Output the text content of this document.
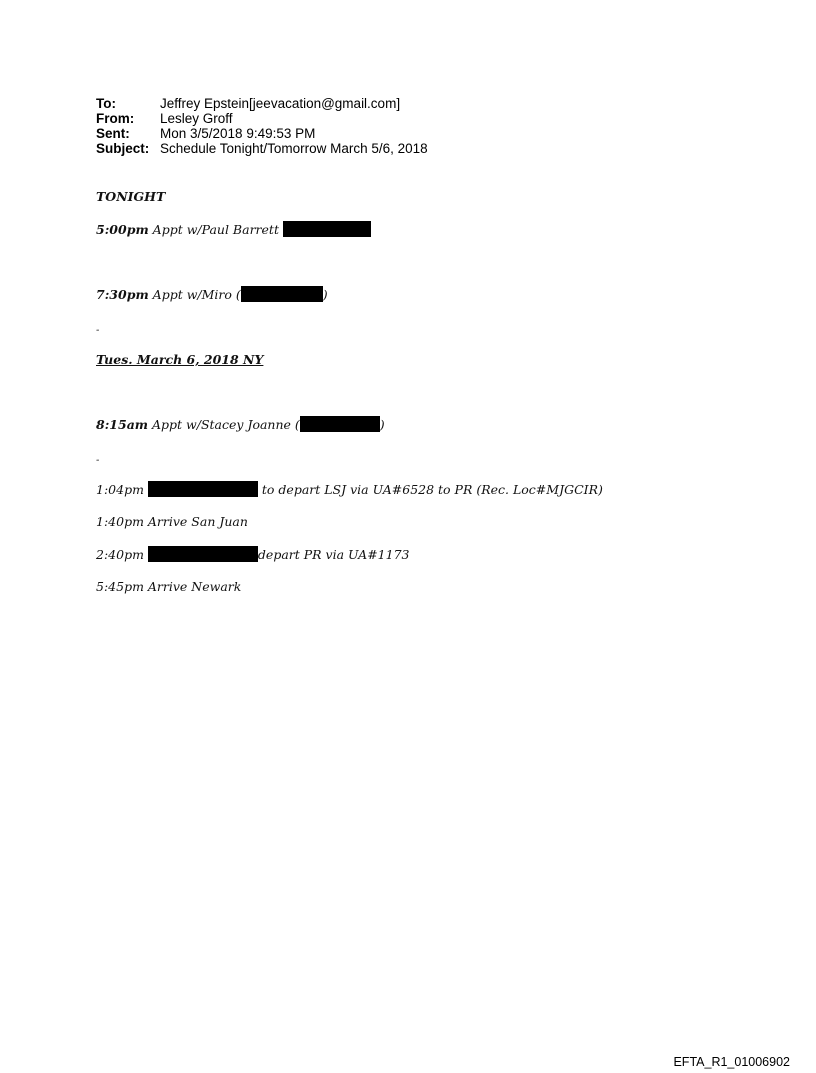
To:	Jeffrey Epstein[jeevacation@gmail.com]
From:	Lesley Groff
Sent:	Mon 3/5/2018 9:49:53 PM
Subject: Schedule Tonight/Tomorrow March 5/6, 2018
TONIGHT
5:00pm Appt w/Paul Barrett
7:30pm Appt w/Miro (	)
-
Tues. March 6, 2018 NY
8:15am Appt w/Stacey Joanne (	)
-
1:04pm	to depart LSJ via UA#6528 to PR (Rec. Loc#MJGCIR)
1:40pm Arrive San Juan
2:40pm	depart PR via UA#1173
5:45pm Arrive Newark
EFTA_R1_01006902
